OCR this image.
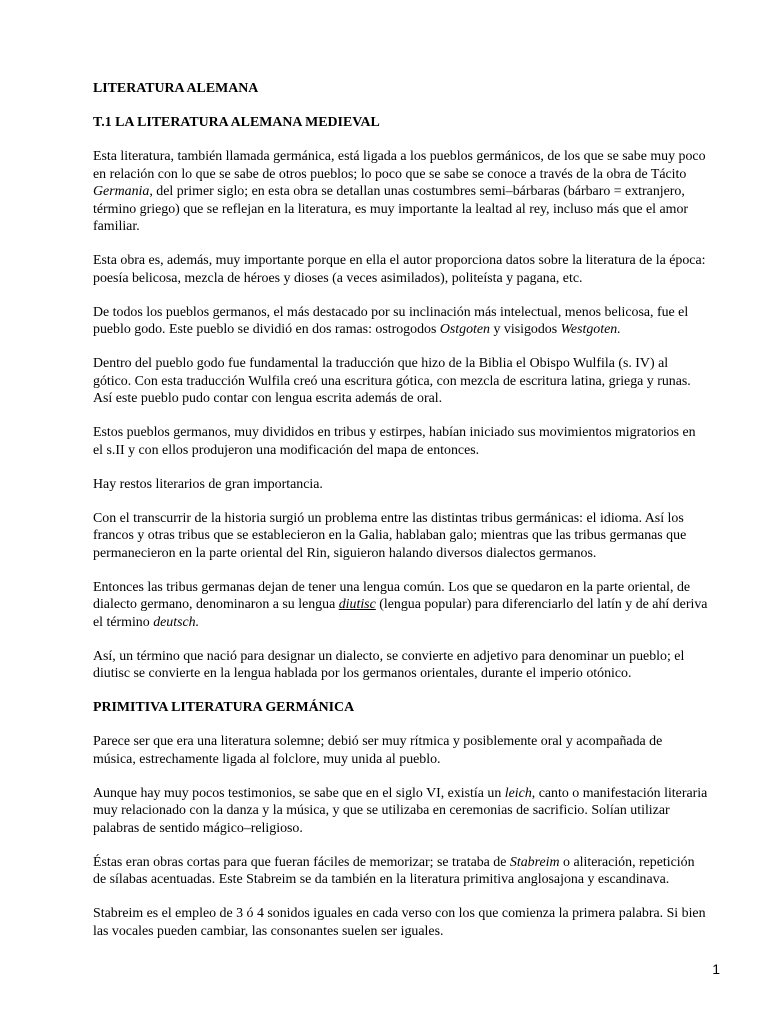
LITERATURA ALEMANA
T.1 LA LITERATURA ALEMANA MEDIEVAL
Esta literatura, también llamada germánica, está ligada a los pueblos germánicos, de los que se sabe muy poco
en relación con lo que se sabe de otros pueblos; lo poco que se sabe se conoce a través de la obra de Tácito
Germania, del primer siglo; en esta obra se detallan unas costumbres semi–bárbaras (bárbaro = extranjero,
término griego) que se reflejan en la literatura, es muy importante la lealtad al rey, incluso más que el amor
familiar.
Esta obra es, además, muy importante porque en ella el autor proporciona datos sobre la literatura de la época:
poesía belicosa, mezcla de héroes y dioses (a veces asimilados), politeísta y pagana, etc.
De todos los pueblos germanos, el más destacado por su inclinación más intelectual, menos belicosa, fue el
pueblo godo. Este pueblo se dividió en dos ramas: ostrogodos Ostgoten y visigodos Westgoten.
Dentro del pueblo godo fue fundamental la traducción que hizo de la Biblia el Obispo Wulfila (s. IV) al
gótico. Con esta traducción Wulfila creó una escritura gótica, con mezcla de escritura latina, griega y runas.
Así este pueblo pudo contar con lengua escrita además de oral.
Estos pueblos germanos, muy divididos en tribus y estirpes, habían iniciado sus movimientos migratorios en
el s.II y con ellos produjeron una modificación del mapa de entonces.
Hay restos literarios de gran importancia.
Con el transcurrir de la historia surgió un problema entre las distintas tribus germánicas: el idioma. Así los
francos y otras tribus que se establecieron en la Galia, hablaban galo; mientras que las tribus germanas que
permanecieron en la parte oriental del Rin, siguieron halando diversos dialectos germanos.
Entonces las tribus germanas dejan de tener una lengua común. Los que se quedaron en la parte oriental, de
dialecto germano, denominaron a su lengua diutisc (lengua popular) para diferenciarlo del latín y de ahí deriva
el término deutsch.
Así, un término que nació para designar un dialecto, se convierte en adjetivo para denominar un pueblo; el
diutisc se convierte en la lengua hablada por los germanos orientales, durante el imperio otónico.
PRIMITIVA LITERATURA GERMÁNICA
Parece ser que era una literatura solemne; debió ser muy rítmica y posiblemente oral y acompañada de
música, estrechamente ligada al folclore, muy unida al pueblo.
Aunque hay muy pocos testimonios, se sabe que en el siglo VI, existía un leich, canto o manifestación literaria
muy relacionado con la danza y la música, y que se utilizaba en ceremonias de sacrificio. Solían utilizar
palabras de sentido mágico–religioso.
Éstas eran obras cortas para que fueran fáciles de memorizar; se trataba de Stabreim o aliteración, repetición
de sílabas acentuadas. Este Stabreim se da también en la literatura primitiva anglosajona y escandinava.
Stabreim es el empleo de 3 ó 4 sonidos iguales en cada verso con los que comienza la primera palabra. Si bien
las vocales pueden cambiar, las consonantes suelen ser iguales.
1
